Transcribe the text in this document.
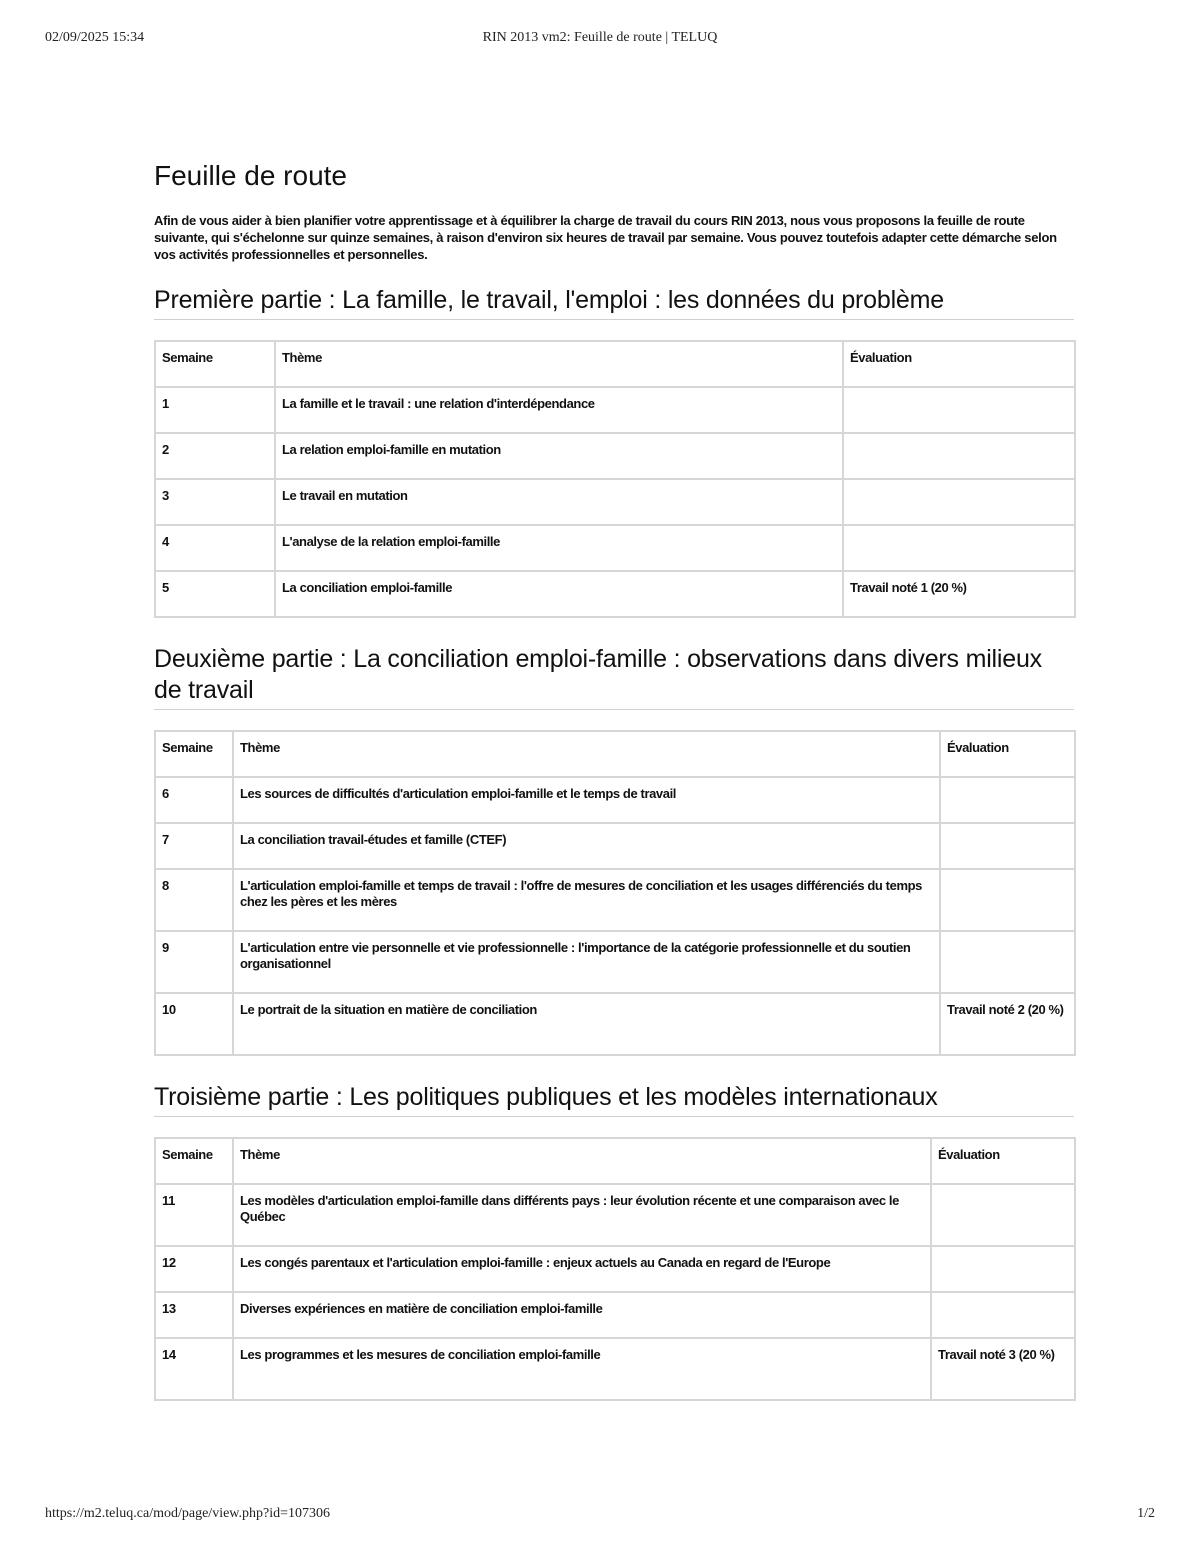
02/09/2025 15:34	RIN 2013 vm2: Feuille de route | TELUQ
Feuille de route

Afin de vous aider à bien planifier votre apprentissage et à équilibrer la charge de travail du cours RIN 2013, nous vous proposons la feuille de route suivante, qui s'échelonne sur quinze semaines, à raison d'environ six heures de travail par semaine. Vous pouvez toutefois adapter cette démarche selon vos activités professionnelles et personnelles.

Première partie : La famille, le travail, l'emploi : les données du problème
Semaine	Thème	Évaluation
1	La famille et le travail : une relation d'interdépendance	
2	La relation emploi-famille en mutation	
3	Le travail en mutation	
4	L'analyse de la relation emploi-famille	
5	La conciliation emploi-famille	Travail noté 1 (20 %)
Deuxième partie : La conciliation emploi-famille : observations dans divers milieux de travail
Semaine	Thème	Évaluation
6	Les sources de difficultés d'articulation emploi-famille et le temps de travail	
7	La conciliation travail-études et famille (CTEF)	
8	L'articulation emploi-famille et temps de travail : l'offre de mesures de conciliation et les usages différenciés du temps chez les pères et les mères	
9	L'articulation entre vie personnelle et vie professionnelle : l'importance de la catégorie professionnelle et du soutien organisationnel	
10	Le portrait de la situation en matière de conciliation	Travail noté 2 (20 %)
Troisième partie : Les politiques publiques et les modèles internationaux
Semaine	Thème	Évaluation
11	Les modèles d'articulation emploi-famille dans différents pays : leur évolution récente et une comparaison avec le Québec	
12	Les congés parentaux et l'articulation emploi-famille : enjeux actuels au Canada en regard de l'Europe	
13	Diverses expériences en matière de conciliation emploi-famille	
14	Les programmes et les mesures de conciliation emploi-famille	Travail noté 3 (20 %)
https://m2.teluq.ca/mod/page/view.php?id=107306	1/2
